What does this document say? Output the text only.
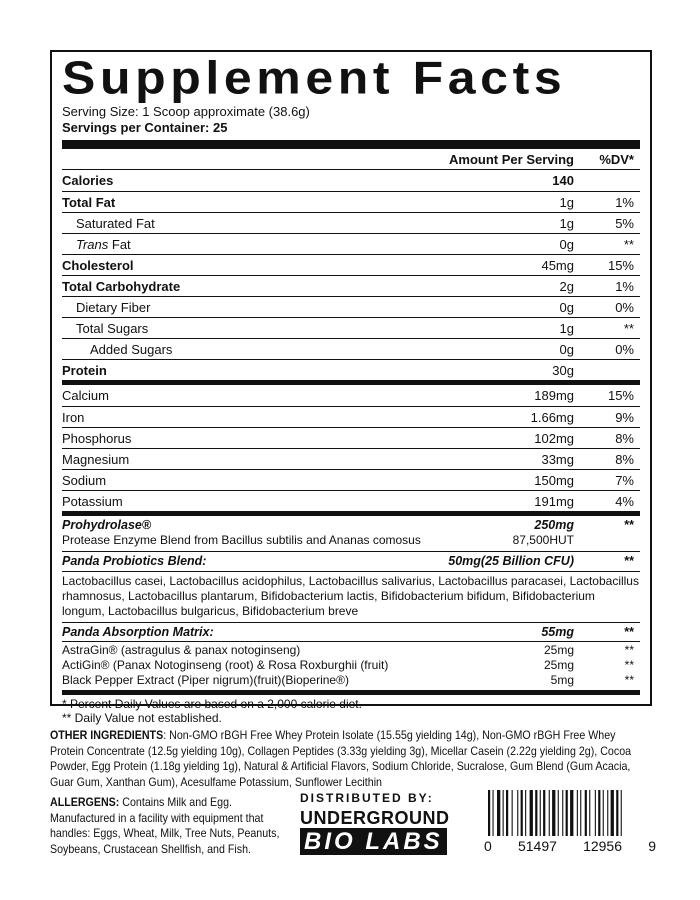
Supplement Facts
Serving Size: 1 Scoop approximate (38.6g)
Servings per Container: 25
Amount Per Serving	%DV*
Calories	140
Total Fat	1g	1%
Saturated Fat	1g	5%
Trans Fat	0g	**
Cholesterol	45mg	15%
Total Carbohydrate	2g	1%
Dietary Fiber	0g	0%
Total Sugars	1g	**
Added Sugars	0g	0%
Protein	30g
Calcium	189mg	15%
Iron	1.66mg	9%
Phosphorus	102mg	8%
Magnesium	33mg	8%
Sodium	150mg	7%
Potassium	191mg	4%
Prohydrolase®	250mg	**
Protease Enzyme Blend from Bacillus subtilis and Ananas comosus	87,500HUT
Panda Probiotics Blend:	50mg(25 Billion CFU)	**

Lactobacillus casei, Lactobacillus acidophilus, Lactobacillus salivarius, Lactobacillus paracasei, Lactobacillus rhamnosus, Lactobacillus plantarum, Bifidobacterium lactis, Bifidobacterium bifidum, Bifidobacterium longum, Lactobacillus bulgaricus, Bifidobacterium breve

Panda Absorption Matrix:	55mg	**
AstraGin® (astragulus & panax notoginseng)	25mg	**
ActiGin® (Panax Notoginseng (root) & Rosa Roxburghii (fruit)	25mg	**
Black Pepper Extract (Piper nigrum)(fruit)(Bioperine®)	5mg	**
* Percent Daily Values are based on a 2,000 calorie diet.
** Daily Value not established.
OTHER INGREDIENTS: Non-GMO rBGH Free Whey Protein Isolate (15.55g yielding 14g), Non-GMO rBGH Free Whey Protein Concentrate (12.5g yielding 10g), Collagen Peptides (3.33g yielding 3g), Micellar Casein (2.22g yielding 2g), Cocoa Powder, Egg Protein (1.18g yielding 1g), Natural & Artificial Flavors, Sodium Chloride, Sucralose, Gum Blend (Gum Acacia, Guar Gum, Xanthan Gum), Acesulfame Potassium, Sunflower Lecithin
ALLERGENS: Contains Milk and Egg. Manufactured in a facility with equipment that handles: Eggs, Wheat, Milk, Tree Nuts, Peanuts, Soybeans, Crustacean Shellfish, and Fish.
DISTRIBUTED BY:
UNDERGROUND
BIO LABS	0 51497 12956 9
